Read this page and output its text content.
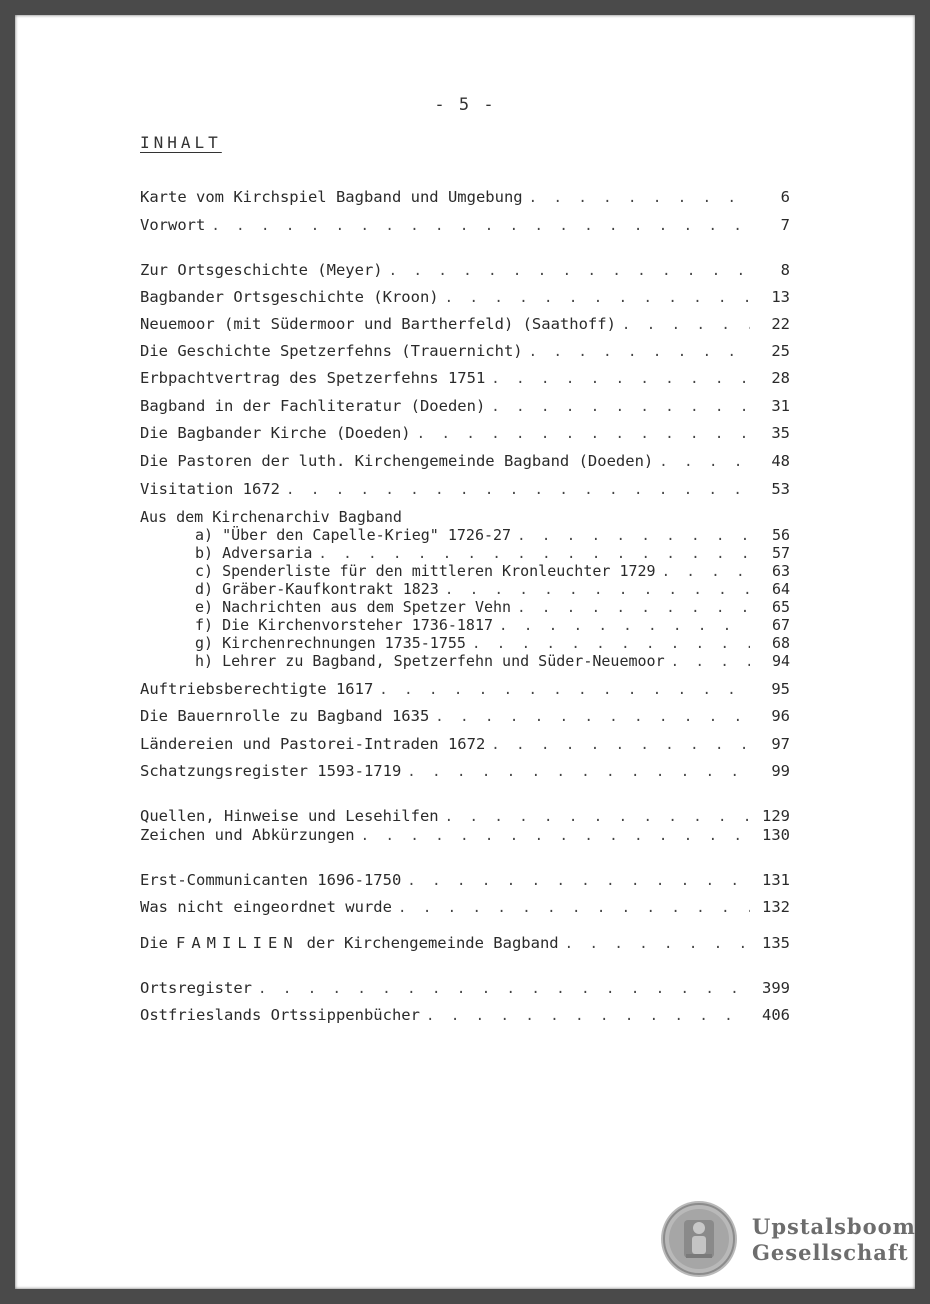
- 5 -
INHALT
Karte vom Kirchspiel Bagband und Umgebung . . .	6
Vorwort . . .	7
Zur Ortsgeschichte (Meyer) . . .	8
Bagbander Ortsgeschichte (Kroon) . . .	13
Neuemoor (mit Südermoor und Bartherfeld) (Saathoff) . . .	22
Die Geschichte Spetzerfehns (Trauernicht) . . .	25
Erbpachtvertrag des Spetzerfehns 1751 . . .	28
Bagband in der Fachliteratur (Doeden) . . .	31
Die Bagbander Kirche (Doeden) . . .	35
Die Pastoren der luth. Kirchengemeinde Bagband (Doeden) . . .	48
Visitation 1672 . . .	53
Aus dem Kirchenarchiv Bagband
a) "Über den Capelle-Krieg" 1726-27 . . .	56
b) Adversaria . . .	57
c) Spenderliste für den mittleren Kronleuchter 1729 . . .	63
d) Gräber-Kaufkontrakt 1823 . . .	64
e) Nachrichten aus dem Spetzer Vehn . . .	65
f) Die Kirchenvorsteher 1736-1817 . . .	67
g) Kirchenrechnungen 1735-1755 . . .	68
h) Lehrer zu Bagband, Spetzerfehn und Süder-Neuemoor . . .	94
Auftriebsberechtigte 1617 . . .	95
Die Bauernrolle zu Bagband 1635 . . .	96
Ländereien und Pastorei-Intraden 1672 . . .	97
Schatzungsregister 1593-1719 . . .	99
Quellen, Hinweise und Lesehilfen . . .	129
Zeichen und Abkürzungen . . .	130
Erst-Communicanten 1696-1750 . . .	131
Was nicht eingeordnet wurde . . .	132
Die FAMILIEN der Kirchengemeinde Bagband . . .	135
Ortsregister . . .	399
Ostfrieslands Ortssippenbücher . . .	406
Upstalsboom
Gesellschaft
